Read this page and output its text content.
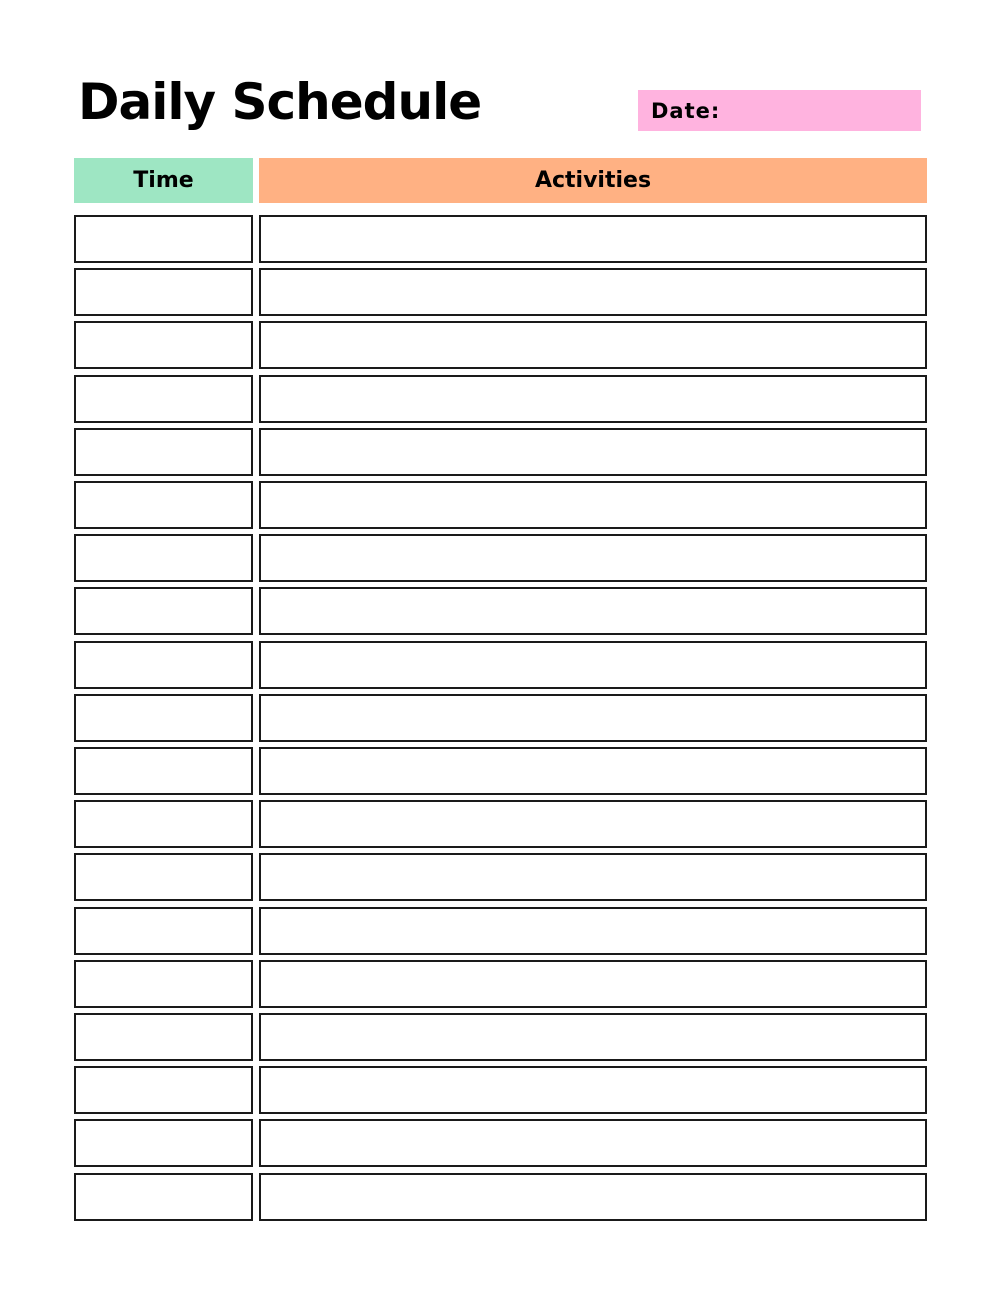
Daily Schedule	Date:
Time	Activities
